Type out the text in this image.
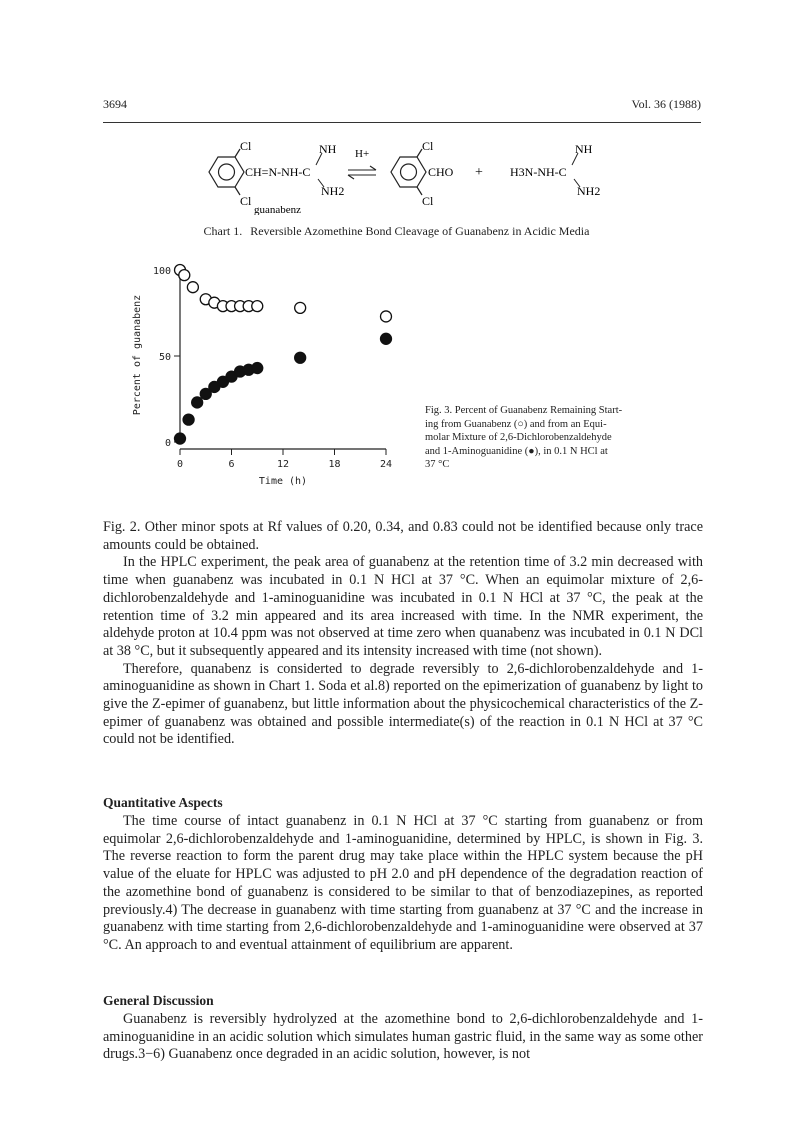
3694	Vol. 36 (1988)
Cl
Cl
CH=N-NH-C
NH
NH2
H+
Cl
Cl
CHO + H3N-NH-C
NH
NH2
guanabenz
Chart 1. Reversible Azomethine Bond Cleavage of Guanabenz in Acidic Media
0	6	12	18	24
0
50
100
Time (h)
Percent of guanabenz	Fig. 3. Percent of Guanabenz Remaining Start-
ing from Guanabenz (○) and from an Equi-
molar Mixture of 2,6-Dichlorobenzaldehyde
and 1-Aminoguanidine (●), in 0.1 N HCl at
37 °C

Fig. 2. Other minor spots at Rf values of 0.20, 0.34, and 0.83 could not be identified because only trace amounts could be obtained.

In the HPLC experiment, the peak area of guanabenz at the retention time of 3.2 min decreased with time when guanabenz was incubated in 0.1 N HCl at 37 °C. When an equimolar mixture of 2,6-dichlorobenzaldehyde and 1-aminoguanidine was incubated in 0.1 N HCl at 37 °C, the peak at the retention time of 3.2 min appeared and its area increased with time. In the NMR experiment, the aldehyde proton at 10.4 ppm was not observed at time zero when quanabenz was incubated in 0.1 N DCl at 38 °C, but it subsequently appeared and its intensity increased with time (not shown).

Therefore, quanabenz is considerted to degrade reversibly to 2,6-dichlorobenzaldehyde and 1-aminoguanidine as shown in Chart 1. Soda et al.8) reported on the epimerization of guanabenz by light to give the Z-epimer of guanabenz, but little information about the physicochemical characteristics of the Z-epimer of guanabenz was obtained and possible intermediate(s) of the reaction in 0.1 N HCl at 37 °C could not be identified.

Quantitative Aspects

The time course of intact guanabenz in 0.1 N HCl at 37 °C starting from guanabenz or from equimolar 2,6-dichlorobenzaldehyde and 1-aminoguanidine, determined by HPLC, is shown in Fig. 3. The reverse reaction to form the parent drug may take place within the HPLC system because the pH value of the eluate for HPLC was adjusted to pH 2.0 and pH dependence of the degradation reaction of the azomethine bond of guanabenz is considered to be similar to that of benzodiazepines, as reported previously.4) The decrease in guanabenz with time starting from guanabenz at 37 °C and the increase in guanabenz with time starting from 2,6-dichlorobenzaldehyde and 1-aminoguanidine were observed at 37 °C. An approach to and eventual attainment of equilibrium are apparent.

General Discussion

Guanabenz is reversibly hydrolyzed at the azomethine bond to 2,6-dichlorobenzaldehyde and 1-aminoguanidine in an acidic solution which simulates human gastric fluid, in the same way as some other drugs.3−6) Guanabenz once degraded in an acidic solution, however, is not
